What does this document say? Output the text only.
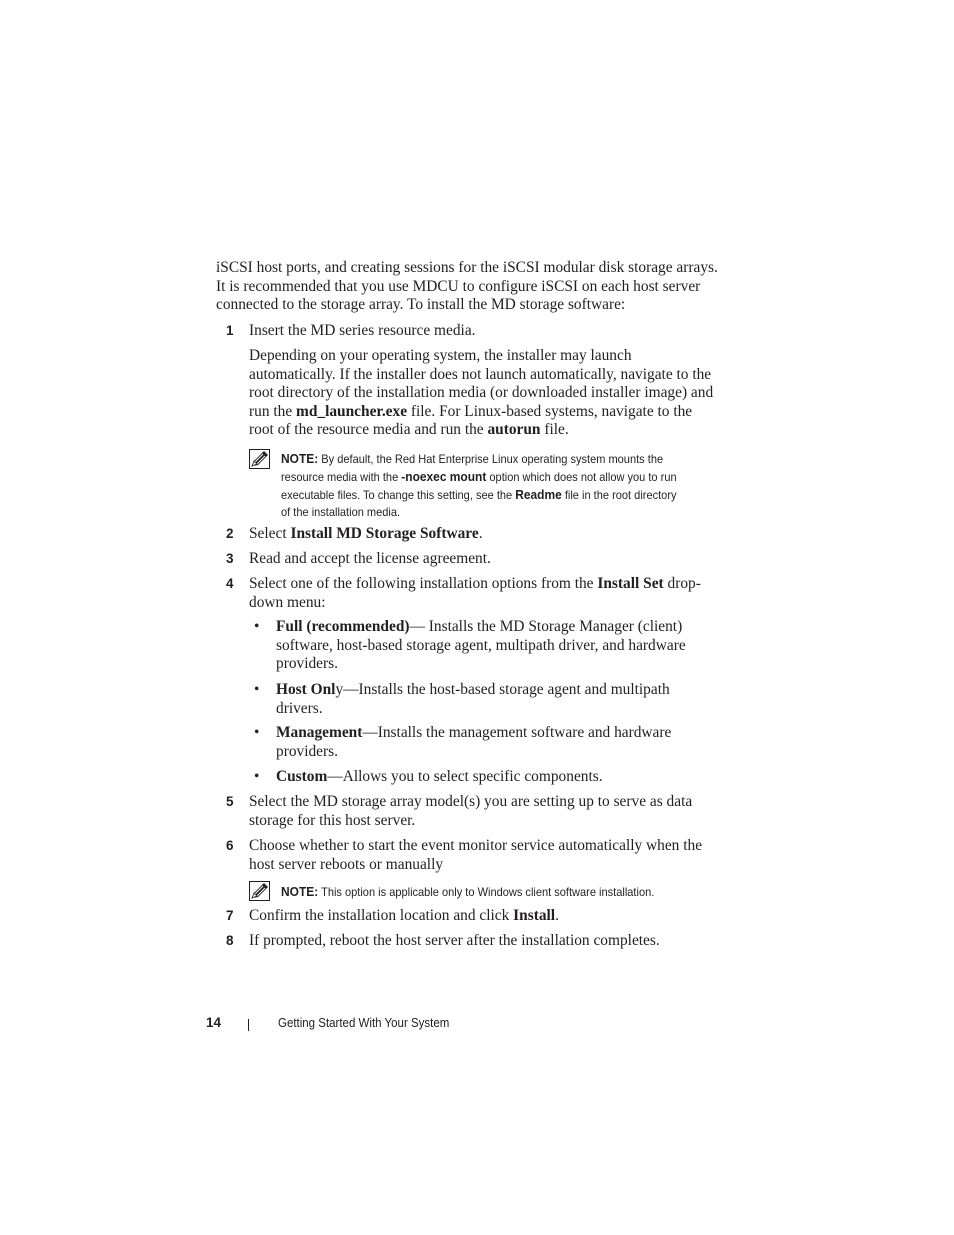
iSCSI host ports, and creating sessions for the iSCSI modular disk storage arrays. It is recommended that you use MDCU to configure iSCSI on each host server connected to the storage array. To install the MD storage software:

1 Insert the MD series resource media.

Depending on your operating system, the installer may launch automatically. If the installer does not launch automatically, navigate to the root directory of the installation media (or downloaded installer image) and run the md_launcher.exe file. For Linux-based systems, navigate to the root of the resource media and run the autorun file.

NOTE: By default, the Red Hat Enterprise Linux operating system mounts the resource media with the -noexec mount option which does not allow you to run executable files. To change this setting, see the Readme file in the root directory of the installation media.

2 Select Install MD Storage Software.

3 Read and accept the license agreement.

4 Select one of the following installation options from the Install Set drop-down menu:

• Full (recommended)— Installs the MD Storage Manager (client) software, host-based storage agent, multipath driver, and hardware providers.

• Host Only—Installs the host-based storage agent and multipath drivers.

• Management—Installs the management software and hardware providers.

• Custom—Allows you to select specific components.

5 Select the MD storage array model(s) you are setting up to serve as data storage for this host server.

6 Choose whether to start the event monitor service automatically when the host server reboots or manually

NOTE: This option is applicable only to Windows client software installation.

7 Confirm the installation location and click Install.

8 If prompted, reboot the host server after the installation completes.

14	Getting Started With Your System
